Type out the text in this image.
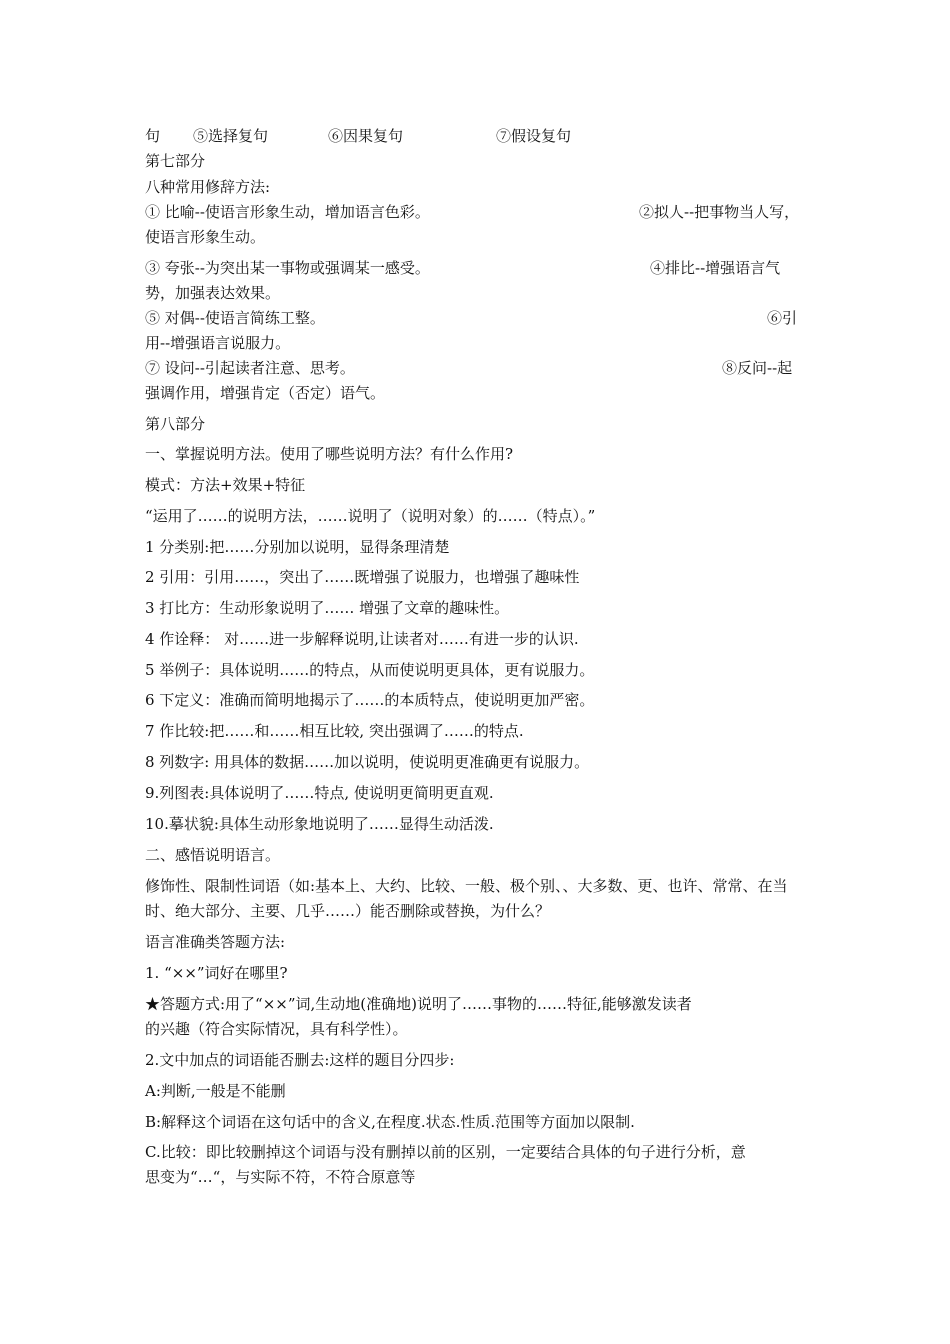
句 ⑤选择复句	⑥因果复句	⑦假设复句
第七部分
八种常用修辞方法:
① 比喻--使语言形象生动，增加语言色彩。	②拟人--把事物当人写，
使语言形象生动。
③ 夸张--为突出某一事物或强调某一感受。	④排比--增强语言气
势，加强表达效果。
⑤ 对偶--使语言简练工整。	⑥引
用--增强语言说服力。
⑦ 设问--引起读者注意、思考。	⑧反问--起
强调作用，增强肯定（否定）语气。
第八部分
一、掌握说明方法。使用了哪些说明方法？有什么作用?
模式：方法+效果+特征
“运用了……的说明方法，……说明了（说明对象）的……（特点）。”
1 分类别:把……分别加以说明，显得条理清楚
2 引用：引用……，突出了……既增强了说服力，也增强了趣味性
3 打比方：生动形象说明了…… 增强了文章的趣味性。
4 作诠释： 对……进一步解释说明,让读者对……有进一步的认识.
5 举例子：具体说明……的特点，从而使说明更具体，更有说服力。
6 下定义：准确而简明地揭示了……的本质特点，使说明更加严密。
7 作比较:把……和……相互比较, 突出强调了……的特点.
8 列数字: 用具体的数据……加以说明，使说明更准确更有说服力。
9.列图表:具体说明了……特点, 使说明更简明更直观.
10.摹状貌:具体生动形象地说明了……显得生动活泼.
二、感悟说明语言。
修饰性、限制性词语（如:基本上、大约、比较、一般、极个别、、大多数、更、也许、常常、在当
时、绝大部分、主要、几乎……）能否删除或替换，为什么？
语言准确类答题方法:
1. “××”词好在哪里?
★答题方式:用了“××”词,生动地(准确地)说明了……事物的……特征,能够激发读者
的兴趣（符合实际情况，具有科学性）。
2.文中加点的词语能否删去:这样的题目分四步:
A:判断,一般是不能删
B:解释这个词语在这句话中的含义,在程度.状态.性质.范围等方面加以限制.
C.比较：即比较删掉这个词语与没有删掉以前的区别，一定要结合具体的句子进行分析，意
思变为“…“，与实际不符，不符合原意等
